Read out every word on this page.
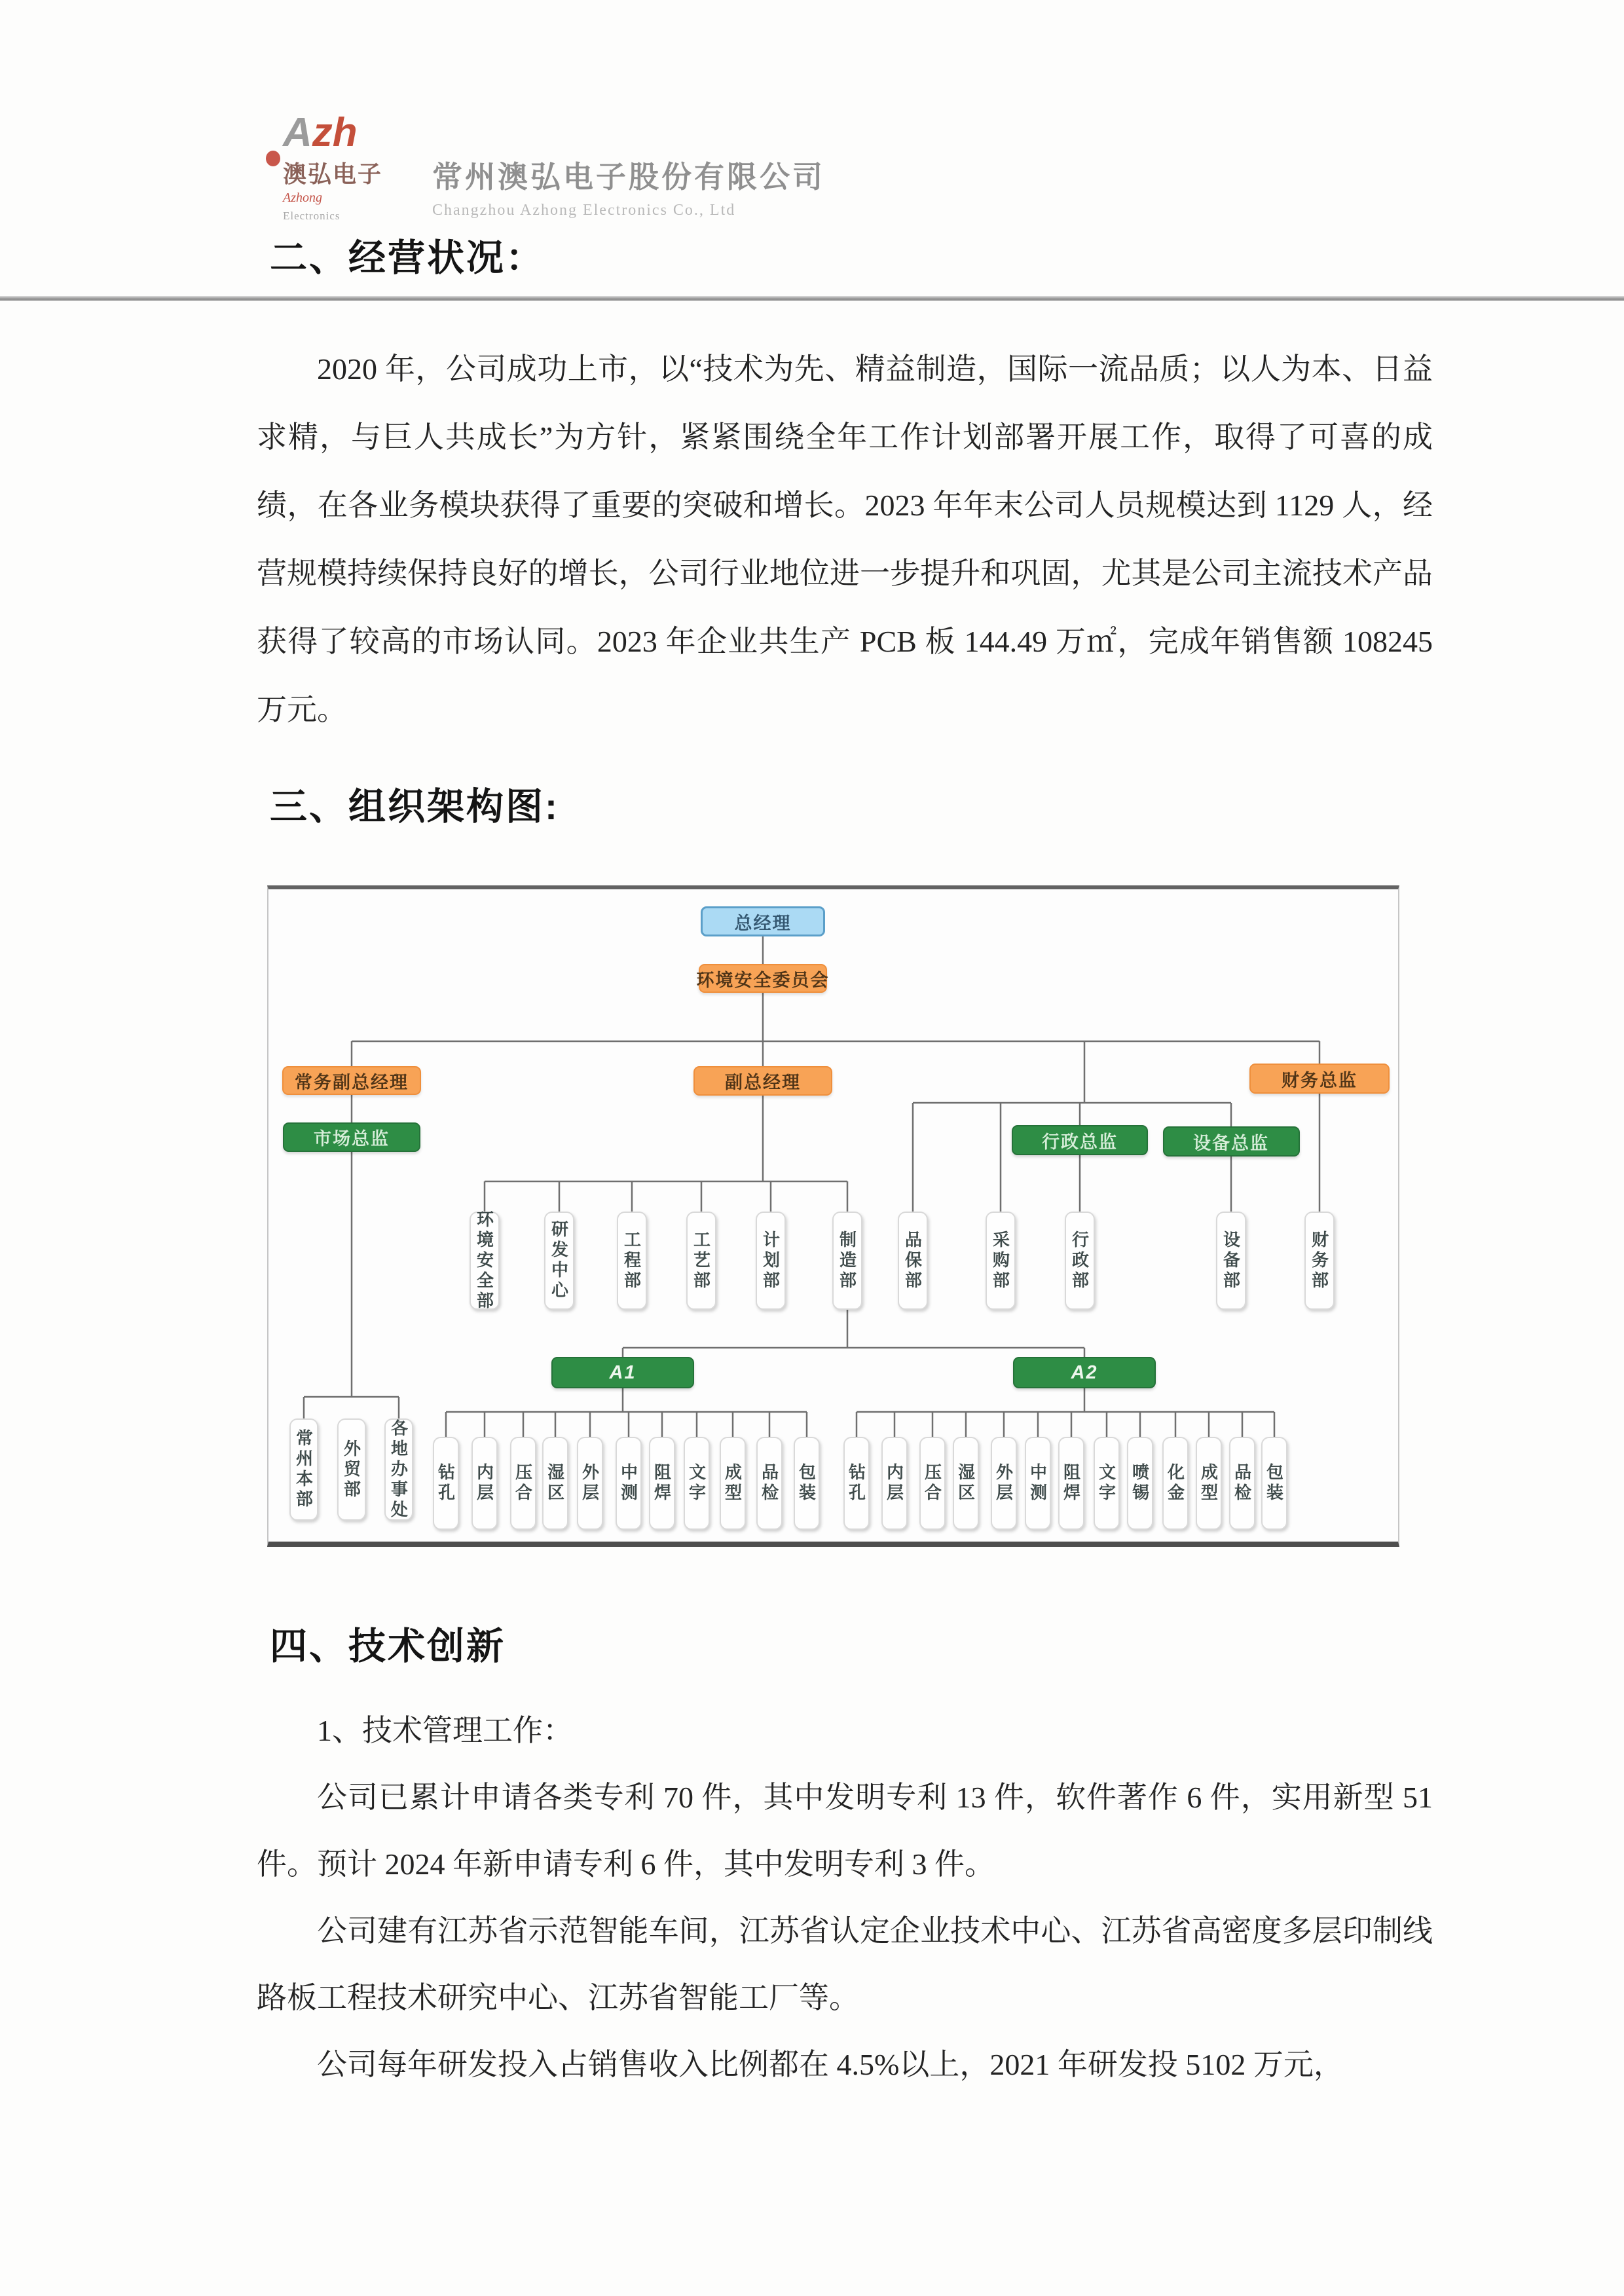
Azh
澳弘电子
Azhong
Electronics
常州澳弘电子股份有限公司
Changzhou Azhong Electronics Co., Ltd
二、经营状况：

2020 年，公司成功上市，以“技术为先、精益制造，国际一流品质；以人为本、日益求精，与巨人共成长”为方针，紧紧围绕全年工作计划部署开展工作，取得了可喜的成绩，在各业务模块获得了重要的突破和增长。2023 年年末公司人员规模达到 1129 人，经营规模持续保持良好的增长，公司行业地位进一步提升和巩固，尤其是公司主流技术产品获得了较高的市场认同。2023 年企业共生产 PCB 板 144.49 万㎡，完成年销售额 108245 万元。

三、组织架构图:
总经理
环境安全委员会
常务副总经理	副总经理	财务总监
市场总监	行政总监	设备总监
环境安全部	研发中心	工程部	工艺部	计划部	制造部	品保部	采购部	行政部	设备部	财务部
A1	A2
常州本部 外贸部 各地办事处 钻孔 内层 压合 湿区 外层 中测 阻焊 文字 成型 品检 包装 钻孔 内层 压合 湿区 外层 中测 阻焊 文字 喷锡 化金 成型 品检 包装
四、技术创新

1、技术管理工作：

公司已累计申请各类专利 70 件，其中发明专利 13 件，软件著作 6 件，实用新型 51 件。预计 2024 年新申请专利 6 件，其中发明专利 3 件。

公司建有江苏省示范智能车间，江苏省认定企业技术中心、江苏省高密度多层印制线路板工程技术研究中心、江苏省智能工厂等。

公司每年研发投入占销售收入比例都在 4.5%以上，2021 年研发投 5102 万元，
